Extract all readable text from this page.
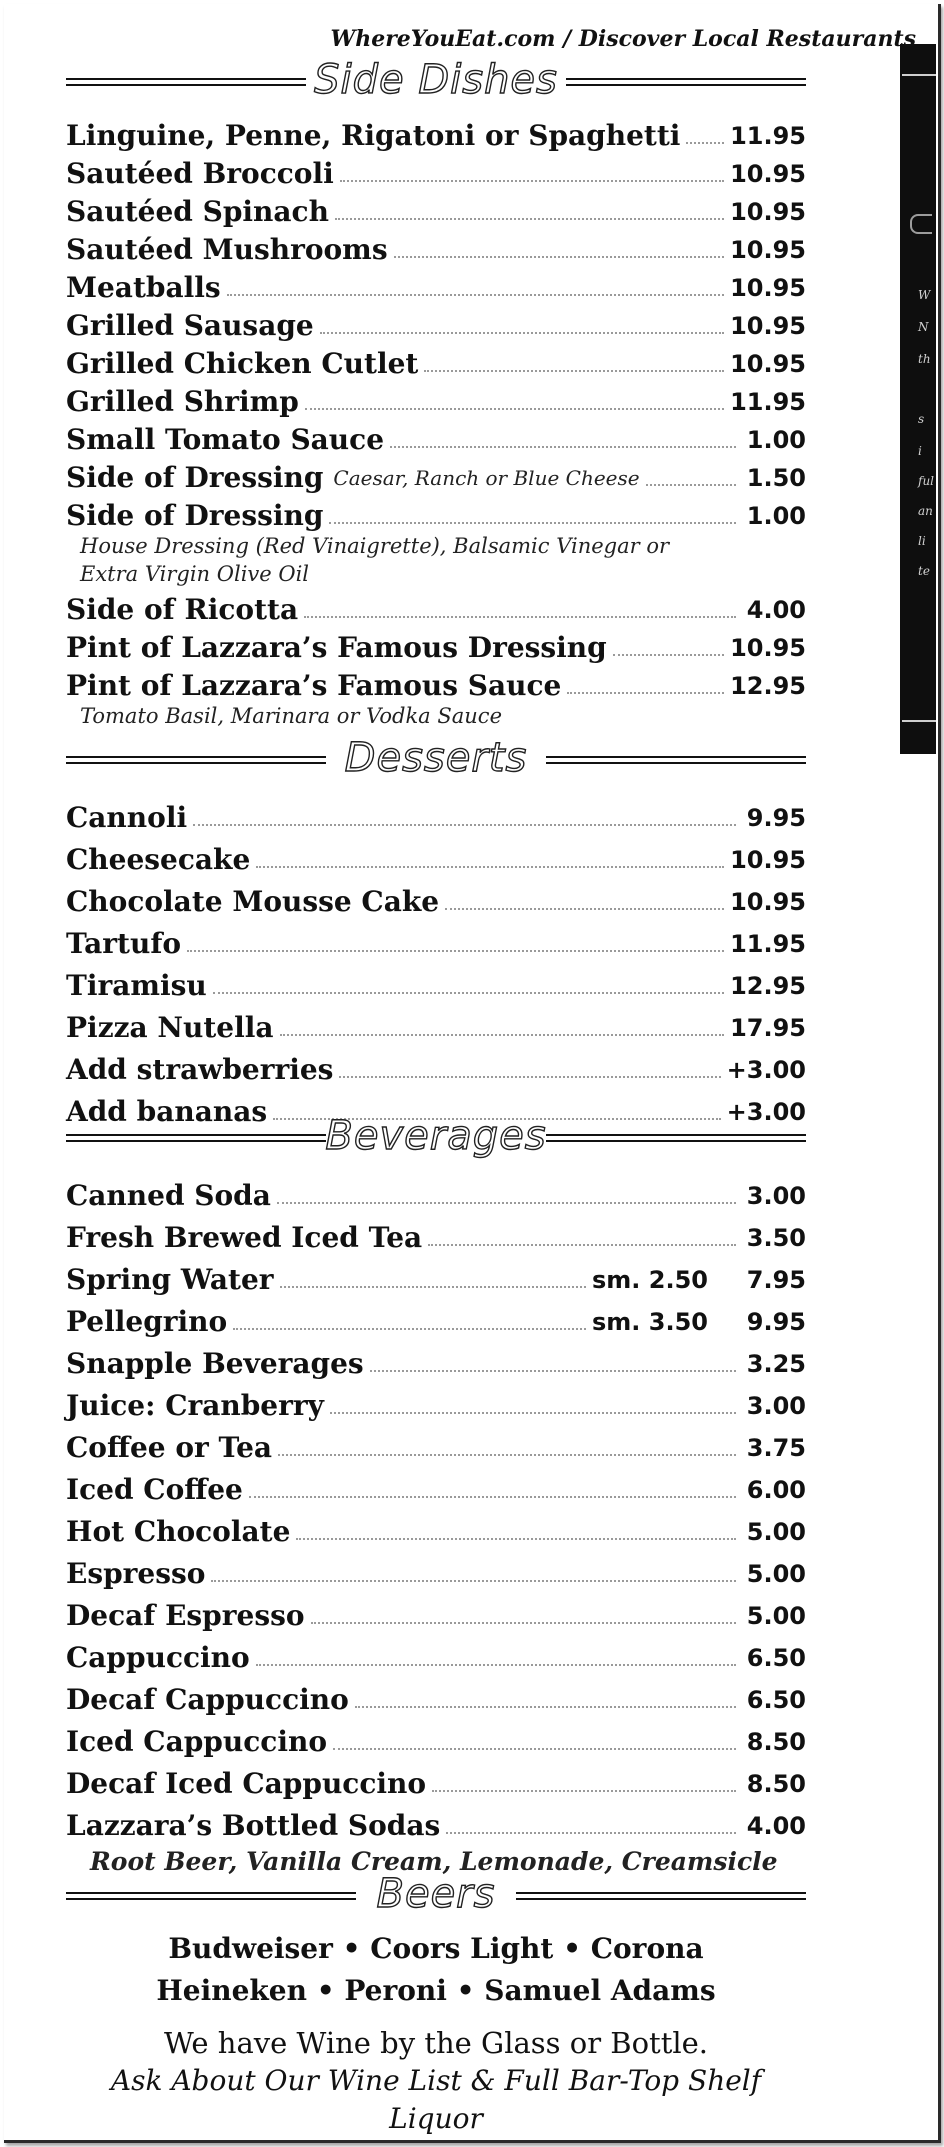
W
N
th
s
i
ful
an
li
te
WhereYouEat.com / Discover Local Restaurants
Side Dishes
Linguine, Penne, Rigatoni or Spaghetti 11.95
Sautéed Broccoli	10.95
Sautéed Spinach	10.95
Sautéed Mushrooms	10.95
Meatballs	10.95
Grilled Sausage	10.95
Grilled Chicken Cutlet	10.95
Grilled Shrimp	11.95
Small Tomato Sauce	1.00
Side of Dressing Caesar, Ranch or Blue Cheese	1.50
Side of Dressing	1.00
House Dressing (Red Vinaigrette), Balsamic Vinegar or
Extra Virgin Olive Oil
Side of Ricotta	4.00
Pint of Lazzara’s Famous Dressing	10.95
Pint of Lazzara’s Famous Sauce	12.95
Tomato Basil, Marinara or Vodka Sauce
Desserts
Cannoli	9.95
Cheesecake	10.95
Chocolate Mousse Cake	10.95
Tartufo	11.95
Tiramisu	12.95
Pizza Nutella	17.95
Add strawberries	+3.00
Add bananas	+3.00
Beverages
Canned Soda	3.00
Fresh Brewed Iced Tea	3.50
Spring Water	sm. 2.50 7.95
Pellegrino	sm. 3.50 9.95
Snapple Beverages	3.25
Juice: Cranberry	3.00
Coffee or Tea	3.75
Iced Coffee	6.00
Hot Chocolate	5.00
Espresso	5.00
Decaf Espresso	5.00
Cappuccino	6.50
Decaf Cappuccino	6.50
Iced Cappuccino	8.50
Decaf Iced Cappuccino	8.50
Lazzara’s Bottled Sodas	4.00
Root Beer, Vanilla Cream, Lemonade, Creamsicle
Beers
Budweiser • Coors Light • Corona
Heineken • Peroni • Samuel Adams
We have Wine by the Glass or Bottle.
Ask About Our Wine List & Full Bar-Top Shelf Liquor
